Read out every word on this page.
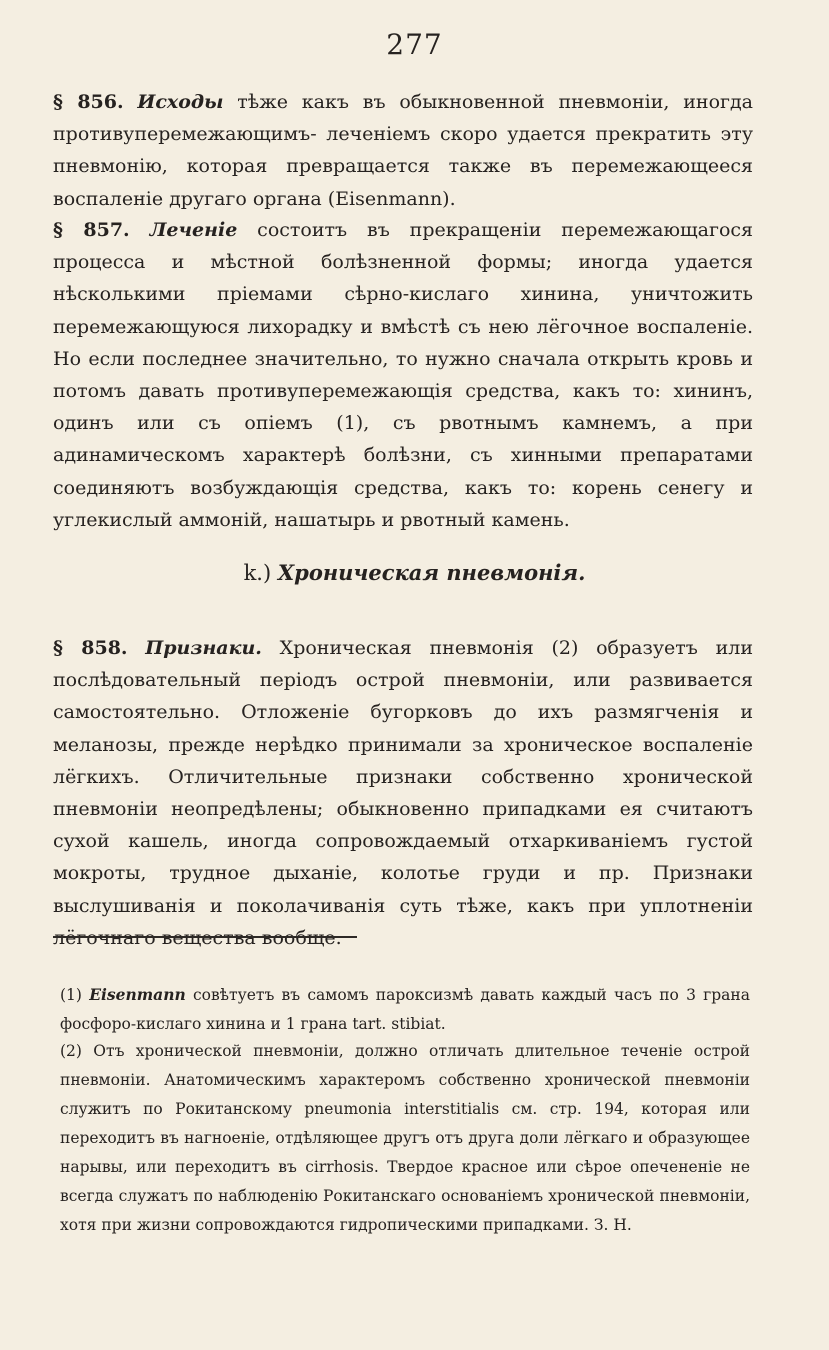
277

§ 856. Исходы тѣже какъ въ обыкновенной пневмоніи, иногда противуперемежающимъ- леченіемъ скоро удается прекратить эту пневмонію, которая превращается также въ перемежающееся воспаленіе другаго органа (Eisenmann).

§ 857. Леченіе состоитъ въ прекращеніи перемежающагося процесса и мѣстной болѣзненной формы; иногда удается нѣсколькими пріемами сѣрно-кислаго хинина, уничтожить перемежающуюся лихорадку и вмѣстѣ съ нею лёгочное воспаленіе. Но если последнее значительно, то нужно сначала открыть кровь и потомъ давать противуперемежающія средства, какъ то: хининъ, одинъ или съ опіемъ (1), съ рвотнымъ камнемъ, а при адинамическомъ характерѣ болѣзни, съ хинными препаратами соединяютъ возбуждающія средства, какъ то: корень сенегу и углекислый аммоній, нашатырь и рвотный камень.

k.) Хроническая пневмонія.

§ 858. Признаки. Хроническая пневмонія (2) образуетъ или послѣдовательный періодъ острой пневмоніи, или развивается самостоятельно. Отложеніе бугорковъ до ихъ размягченія и меланозы, прежде нерѣдко принимали за хроническое воспаленіе лёгкихъ. Отличительные признаки собственно хронической пневмоніи неопредѣлены; обыкновенно припадками ея считаютъ сухой кашель, иногда сопровождаемый отхаркиваніемъ густой мокроты, трудное дыханіе, колотье груди и пр. Признаки выслушиванія и поколачиванія суть тѣже, какъ при уплотненіи лёгочнаго вещества вообще.

(1) Eisenmann совѣтуетъ въ самомъ пароксизмѣ давать каждый часъ по 3 грана фосфоро-кислаго хинина и 1 грана tart. stibiat.

(2) Отъ хронической пневмоніи, должно отличать длительное теченіе острой пневмоніи. Анатомическимъ характеромъ собственно хронической пневмоніи служитъ по Рокитанскому pneumonia interstitialis см. стр. 194, которая или переходитъ въ нагноеніе, отдѣляющее другъ отъ друга доли лёгкаго и образующее нарывы, или переходитъ въ cirrhosis. Твердое красное или сѣрое опечененіе не всегда служатъ по наблюденію Рокитанскаго основаніемъ хронической пневмоніи, хотя при жизни сопровождаются гидропическими припадками. З. Н.
